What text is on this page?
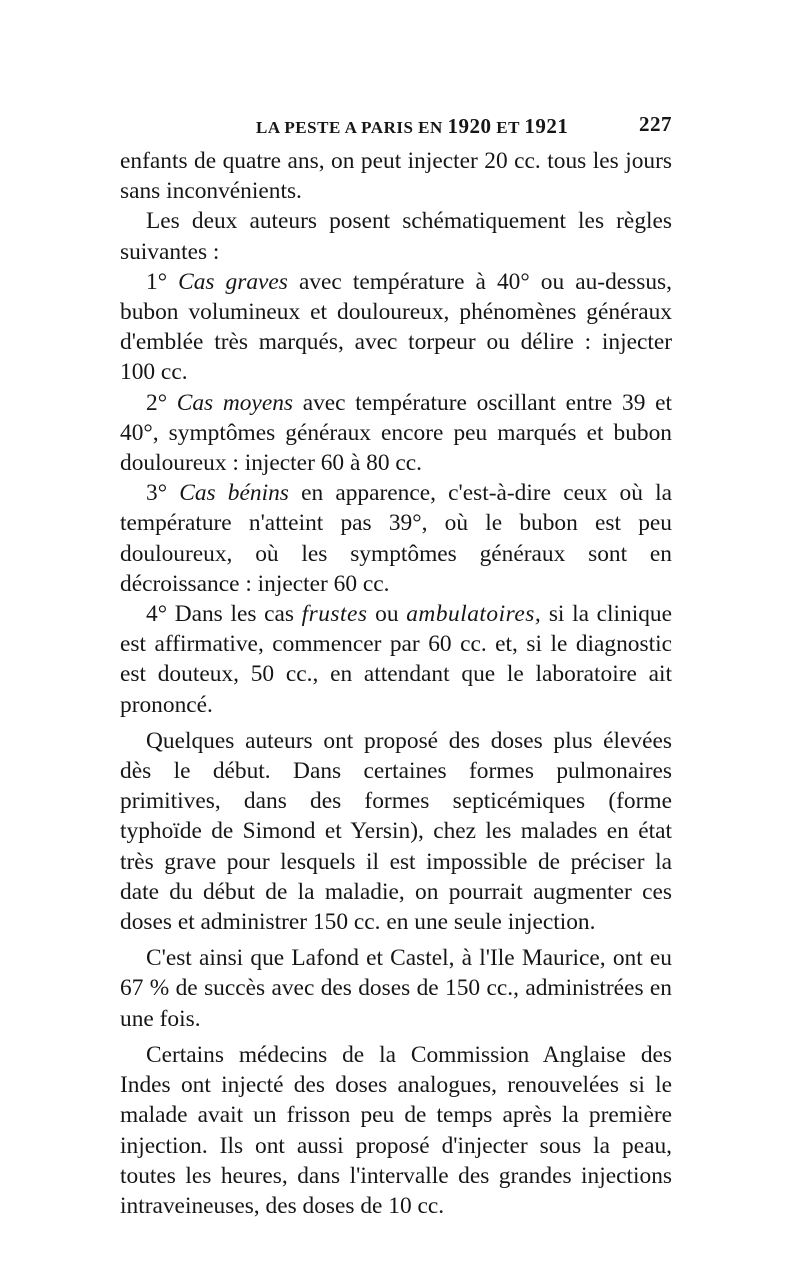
LA PESTE A PARIS EN 1920 ET 1921	227

enfants de quatre ans, on peut injecter 20 cc. tous les jours sans inconvénients.

Les deux auteurs posent schématiquement les règles suivantes :

1° Cas graves avec température à 40° ou au-dessus, bubon volumineux et douloureux, phénomènes généraux d'emblée très marqués, avec torpeur ou délire : injecter 100 cc.

2° Cas moyens avec température oscillant entre 39 et 40°, symptômes généraux encore peu marqués et bubon douloureux : injecter 60 à 80 cc.

3° Cas bénins en apparence, c'est-à-dire ceux où la température n'atteint pas 39°, où le bubon est peu douloureux, où les symptômes généraux sont en décroissance : injecter 60 cc.

4° Dans les cas frustes ou ambulatoires, si la clinique est affirmative, commencer par 60 cc. et, si le diagnostic est douteux, 50 cc., en attendant que le laboratoire ait prononcé.

Quelques auteurs ont proposé des doses plus élevées dès le début. Dans certaines formes pulmonaires primitives, dans des formes septicémiques (forme typhoïde de Simond et Yersin), chez les malades en état très grave pour lesquels il est impossible de préciser la date du début de la maladie, on pourrait augmenter ces doses et administrer 150 cc. en une seule injection.

C'est ainsi que Lafond et Castel, à l'Ile Maurice, ont eu 67 % de succès avec des doses de 150 cc., administrées en une fois.

Certains médecins de la Commission Anglaise des Indes ont injecté des doses analogues, renouvelées si le malade avait un frisson peu de temps après la première injection. Ils ont aussi proposé d'injecter sous la peau, toutes les heures, dans l'intervalle des grandes injections intraveineuses, des doses de 10 cc.
